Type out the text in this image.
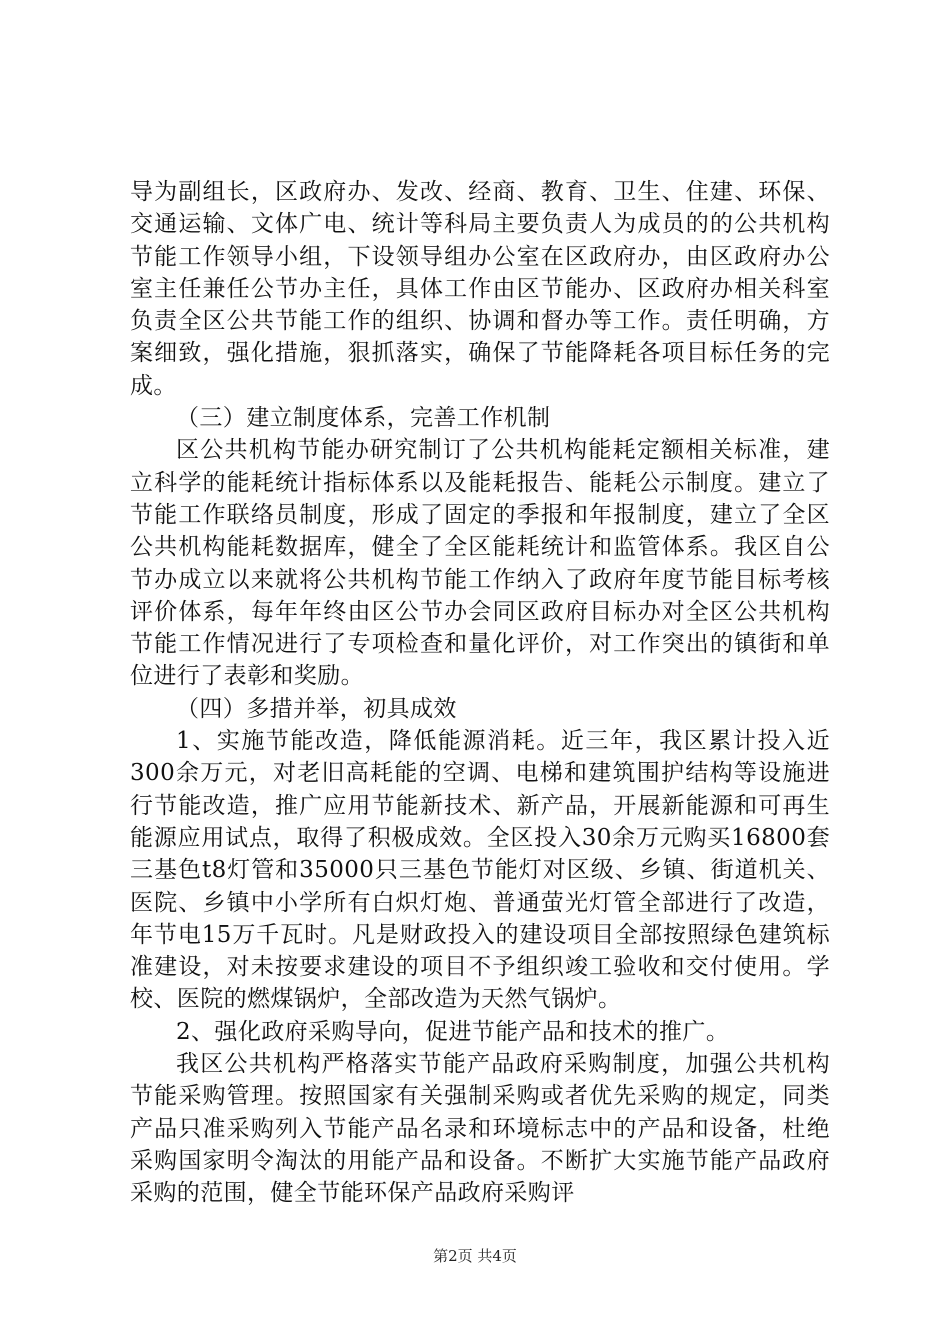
导为副组长，区政府办、发改、经商、教育、卫生、住建、环保、交通运输、文体广电、统计等科局主要负责人为成员的的公共机构节能工作领导小组，下设领导组办公室在区政府办，由区政府办公室主任兼任公节办主任，具体工作由区节能办、区政府办相关科室负责全区公共节能工作的组织、协调和督办等工作。责任明确，方案细致，强化措施，狠抓落实，确保了节能降耗各项目标任务的完成。

（三）建立制度体系，完善工作机制

区公共机构节能办研究制订了公共机构能耗定额相关标准，建立科学的能耗统计指标体系以及能耗报告、能耗公示制度。建立了节能工作联络员制度，形成了固定的季报和年报制度，建立了全区公共机构能耗数据库，健全了全区能耗统计和监管体系。我区自公节办成立以来就将公共机构节能工作纳入了政府年度节能目标考核评价体系，每年年终由区公节办会同区政府目标办对全区公共机构节能工作情况进行了专项检查和量化评价，对工作突出的镇街和单位进行了表彰和奖励。

（四）多措并举，初具成效

1、实施节能改造，降低能源消耗。近三年，我区累计投入近300余万元，对老旧高耗能的空调、电梯和建筑围护结构等设施进行节能改造，推广应用节能新技术、新产品，开展新能源和可再生能源应用试点，取得了积极成效。全区投入30余万元购买16800套三基色t8灯管和35000只三基色节能灯对区级、乡镇、街道机关、医院、乡镇中小学所有白炽灯炮、普通萤光灯管全部进行了改造，年节电15万千瓦时。凡是财政投入的建设项目全部按照绿色建筑标准建设，对未按要求建设的项目不予组织竣工验收和交付使用。学校、医院的燃煤锅炉，全部改造为天然气锅炉。

2、强化政府采购导向，促进节能产品和技术的推广。

我区公共机构严格落实节能产品政府采购制度，加强公共机构节能采购管理。按照国家有关强制采购或者优先采购的规定，同类产品只准采购列入节能产品名录和环境标志中的产品和设备，杜绝采购国家明令淘汰的用能产品和设备。不断扩大实施节能产品政府采购的范围，健全节能环保产品政府采购评

第2页 共4页
